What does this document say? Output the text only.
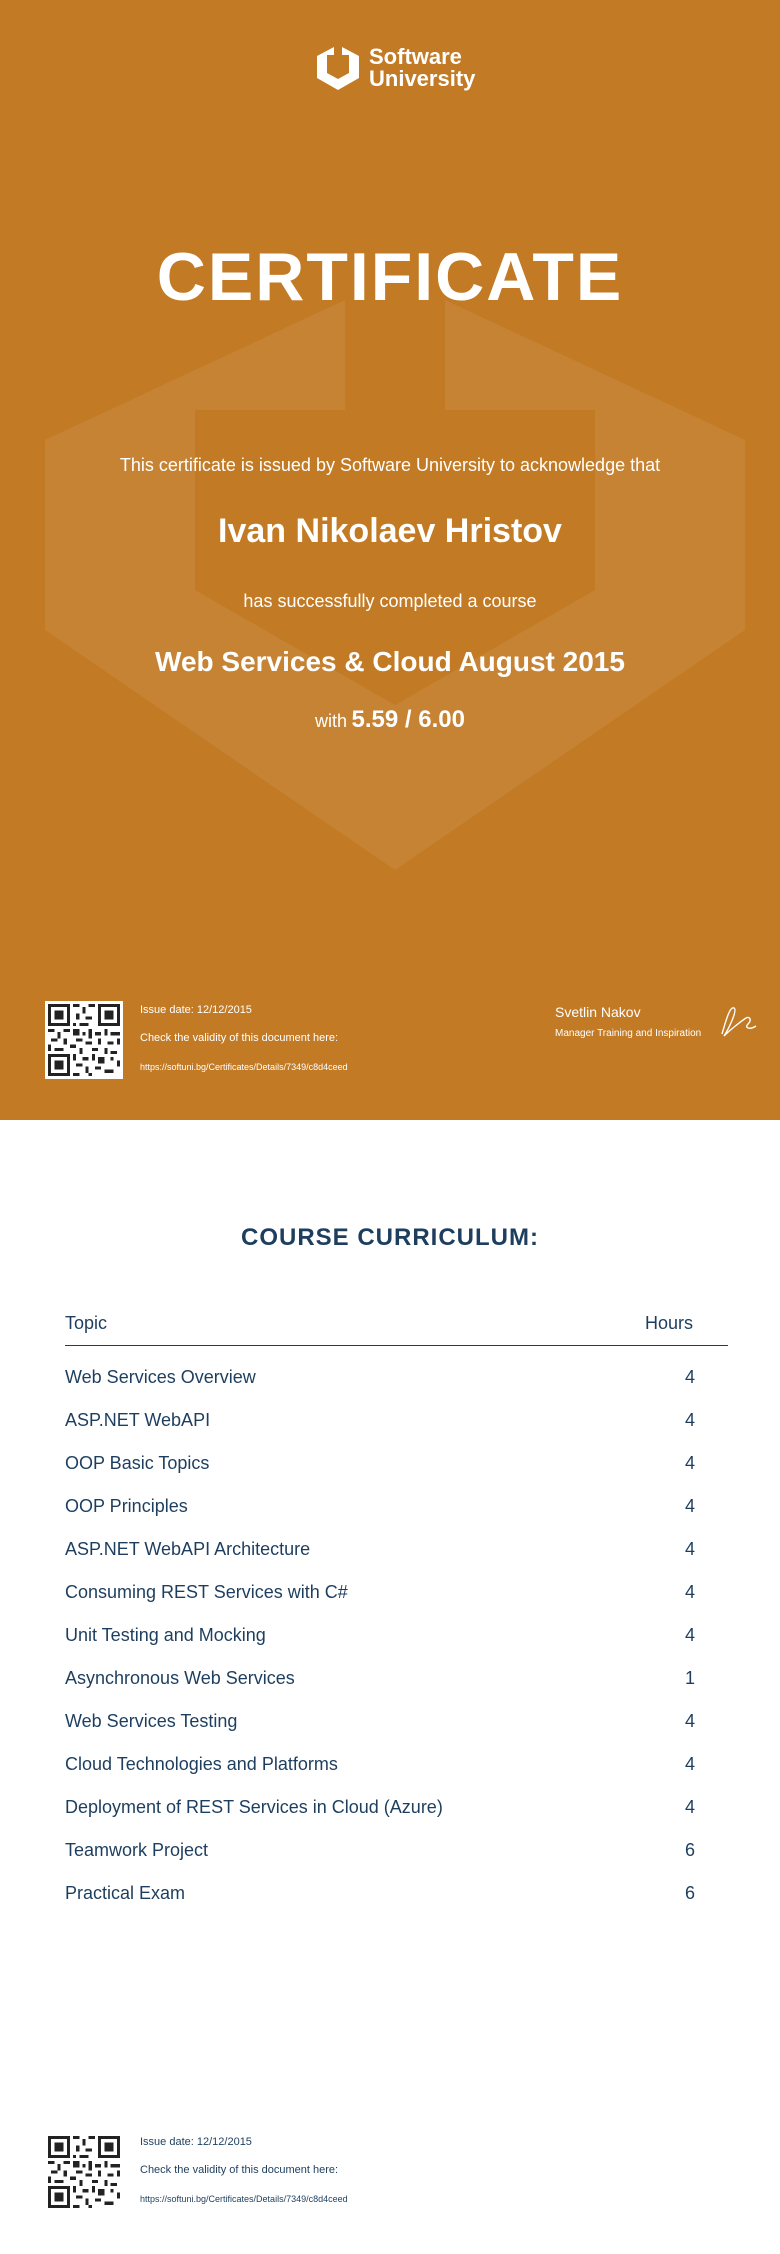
Software
University
CERTIFICATE
This certificate is issued by Software University to acknowledge that
Ivan Nikolaev Hristov
has successfully completed a course
Web Services & Cloud August 2015
with 5.59 / 6.00
Issue date: 12/12/2015
Check the validity of this document here:
https://softuni.bg/Certificates/Details/7349/c8d4ceed
Svetlin Nakov
Manager Training and Inspiration
COURSE CURRICULUM:
Topic	Hours
Web Services Overview	4
ASP.NET WebAPI	4
OOP Basic Topics	4
OOP Principles	4
ASP.NET WebAPI Architecture	4
Consuming REST Services with C#	4
Unit Testing and Mocking	4
Asynchronous Web Services	1
Web Services Testing	4
Cloud Technologies and Platforms	4
Deployment of REST Services in Cloud (Azure)	4
Teamwork Project	6
Practical Exam	6
Issue date: 12/12/2015
Check the validity of this document here:
https://softuni.bg/Certificates/Details/7349/c8d4ceed
